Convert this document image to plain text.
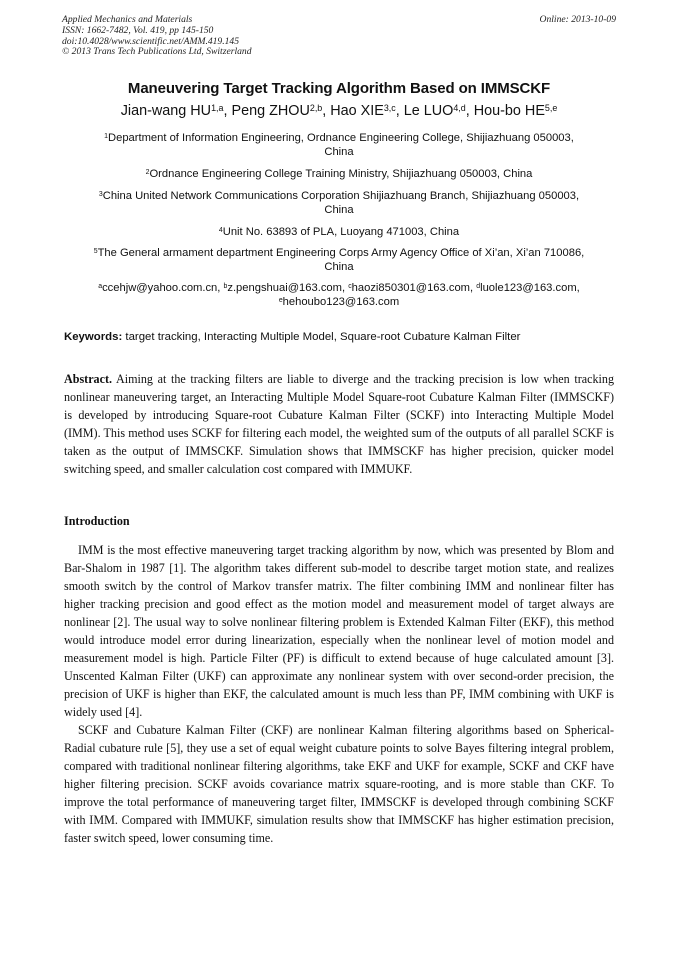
Applied Mechanics and Materials
ISSN: 1662-7482, Vol. 419, pp 145-150
doi:10.4028/www.scientific.net/AMM.419.145
© 2013 Trans Tech Publications Ltd, Switzerland
Online: 2013-10-09
Maneuvering Target Tracking Algorithm Based on IMMSCKF
Jian-wang HU$^{1,a}$, Peng ZHOU$^{2,b}$, Hao XIE$^{3,c}$, Le LUO$^{4,d}$, Hou-bo HE$^{5,e}$
$^1$Department of Information Engineering, Ordnance Engineering College, Shijiazhuang 050003,
China
$^2$Ordnance Engineering College Training Ministry, Shijiazhuang 050003, China
$^3$China United Network Communications Corporation Shijiazhuang Branch, Shijiazhuang 050003,
China
$^4$Unit No. 63893 of PLA, Luoyang 471003, China
$^5$The General armament department Engineering Corps Army Agency Office of Xi’an, Xi’an 710086,
China
$^a$ccehjw@yahoo.com.cn, $^b$z.pengshuai@163.com, $^c$haozi850301@163.com, $^d$luole123@163.com,
$^e$hehoubo123@163.com
Keywords: target tracking, Interacting Multiple Model, Square-root Cubature Kalman Filter

Abstract. Aiming at the tracking filters are liable to diverge and the tracking precision is low when tracking nonlinear maneuvering target, an Interacting Multiple Model Square-root Cubature Kalman Filter (IMMSCKF) is developed by introducing Square-root Cubature Kalman Filter (SCKF) into Interacting Multiple Model (IMM). This method uses SCKF for filtering each model, the weighted sum of the outputs of all parallel SCKF is taken as the output of IMMSCKF. Simulation shows that IMMSCKF has higher precision, quicker model switching speed, and smaller calculation cost compared with IMMUKF.

Introduction

IMM is the most effective maneuvering target tracking algorithm by now, which was presented by Blom and Bar-Shalom in 1987 [1]. The algorithm takes different sub-model to describe target motion state, and realizes smooth switch by the control of Markov transfer matrix. The filter combining IMM and nonlinear filter has higher tracking precision and good effect as the motion model and measurement model of target always are nonlinear [2]. The usual way to solve nonlinear filtering problem is Extended Kalman Filter (EKF), this method would introduce model error during linearization, especially when the nonlinear level of motion model and measurement model is high. Particle Filter (PF) is difficult to extend because of huge calculated amount [3]. Unscented Kalman Filter (UKF) can approximate any nonlinear system with over second-order precision, the precision of UKF is higher than EKF, the calculated amount is much less than PF, IMM combining with UKF is widely used [4].

SCKF and Cubature Kalman Filter (CKF) are nonlinear Kalman filtering algorithms based on Spherical-Radial cubature rule [5], they use a set of equal weight cubature points to solve Bayes filtering integral problem, compared with traditional nonlinear filtering algorithms, take EKF and UKF for example, SCKF and CKF have higher filtering precision. SCKF avoids covariance matrix square-rooting, and is more stable than CKF. To improve the total performance of maneuvering target filter, IMMSCKF is developed through combining SCKF with IMM. Compared with IMMUKF, simulation results show that IMMSCKF has higher estimation precision, faster switch speed, lower consuming time.
